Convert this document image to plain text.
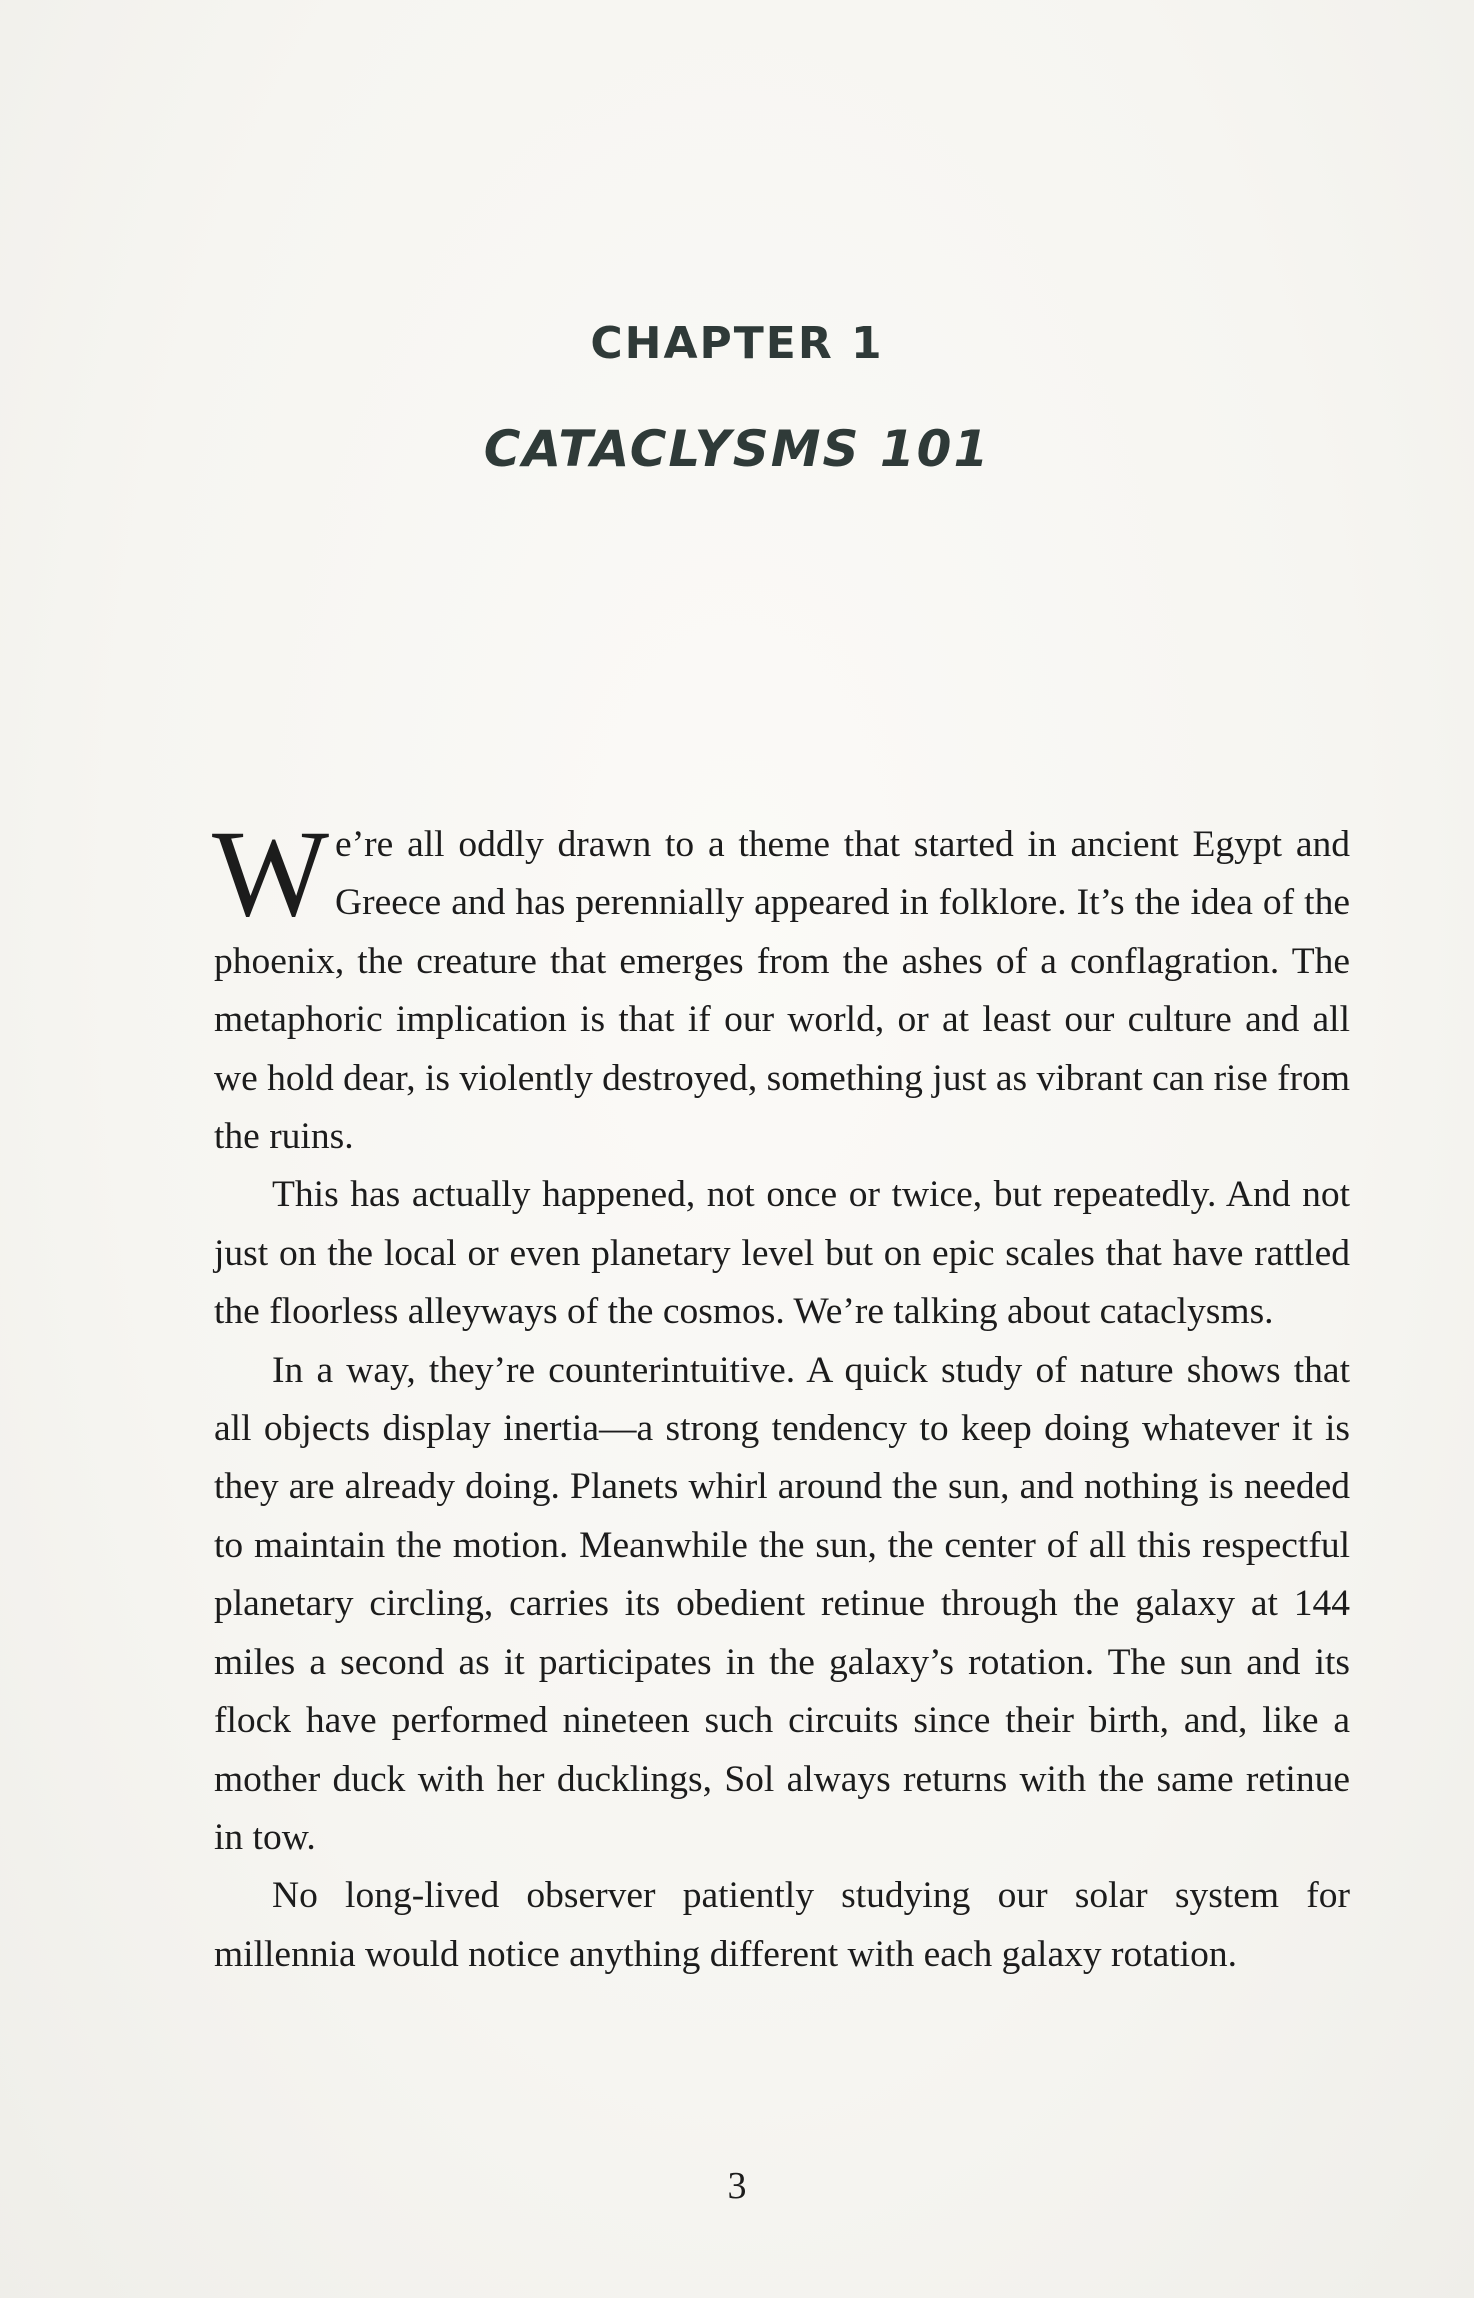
CHAPTER 1
CATACLYSMS 101

We’re all oddly drawn to a theme that started in ancient Egypt and Greece and has perennially appeared in folklore. It’s the idea of the phoenix, the creature that emerges from the ashes of a conflagration. The metaphoric implication is that if our world, or at least our culture and all we hold dear, is violently destroyed, something just as vibrant can rise from the ruins.

This has actually happened, not once or twice, but repeatedly. And not just on the local or even planetary level but on epic scales that have rattled the floorless alleyways of the cosmos. We’re talking about cataclysms.

In a way, they’re counterintuitive. A quick study of nature shows that all objects display inertia—a strong tendency to keep doing whatever it is they are already doing. Planets whirl around the sun, and nothing is needed to maintain the motion. Meanwhile the sun, the center of all this respectful planetary circling, carries its obedient retinue through the galaxy at 144 miles a second as it participates in the galaxy’s rotation. The sun and its flock have performed nineteen such circuits since their birth, and, like a mother duck with her ducklings, Sol always returns with the same retinue in tow.

No long-lived observer patiently studying our solar system for millennia would notice anything different with each galaxy rotation.

3
